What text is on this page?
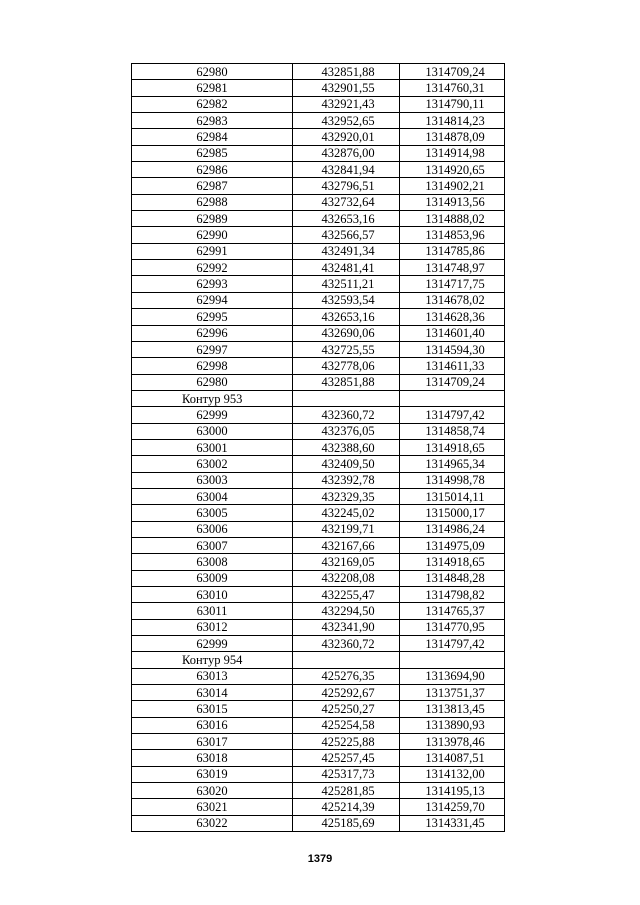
62980	432851,88	1314709,24
62981	432901,55	1314760,31
62982	432921,43	1314790,11
62983	432952,65	1314814,23
62984	432920,01	1314878,09
62985	432876,00	1314914,98
62986	432841,94	1314920,65
62987	432796,51	1314902,21
62988	432732,64	1314913,56
62989	432653,16	1314888,02
62990	432566,57	1314853,96
62991	432491,34	1314785,86
62992	432481,41	1314748,97
62993	432511,21	1314717,75
62994	432593,54	1314678,02
62995	432653,16	1314628,36
62996	432690,06	1314601,40
62997	432725,55	1314594,30
62998	432778,06	1314611,33
62980	432851,88	1314709,24
Контур 953		
62999	432360,72	1314797,42
63000	432376,05	1314858,74
63001	432388,60	1314918,65
63002	432409,50	1314965,34
63003	432392,78	1314998,78
63004	432329,35	1315014,11
63005	432245,02	1315000,17
63006	432199,71	1314986,24
63007	432167,66	1314975,09
63008	432169,05	1314918,65
63009	432208,08	1314848,28
63010	432255,47	1314798,82
63011	432294,50	1314765,37
63012	432341,90	1314770,95
62999	432360,72	1314797,42
Контур 954		
63013	425276,35	1313694,90
63014	425292,67	1313751,37
63015	425250,27	1313813,45
63016	425254,58	1313890,93
63017	425225,88	1313978,46
63018	425257,45	1314087,51
63019	425317,73	1314132,00
63020	425281,85	1314195,13
63021	425214,39	1314259,70
63022	425185,69	1314331,45
1379
